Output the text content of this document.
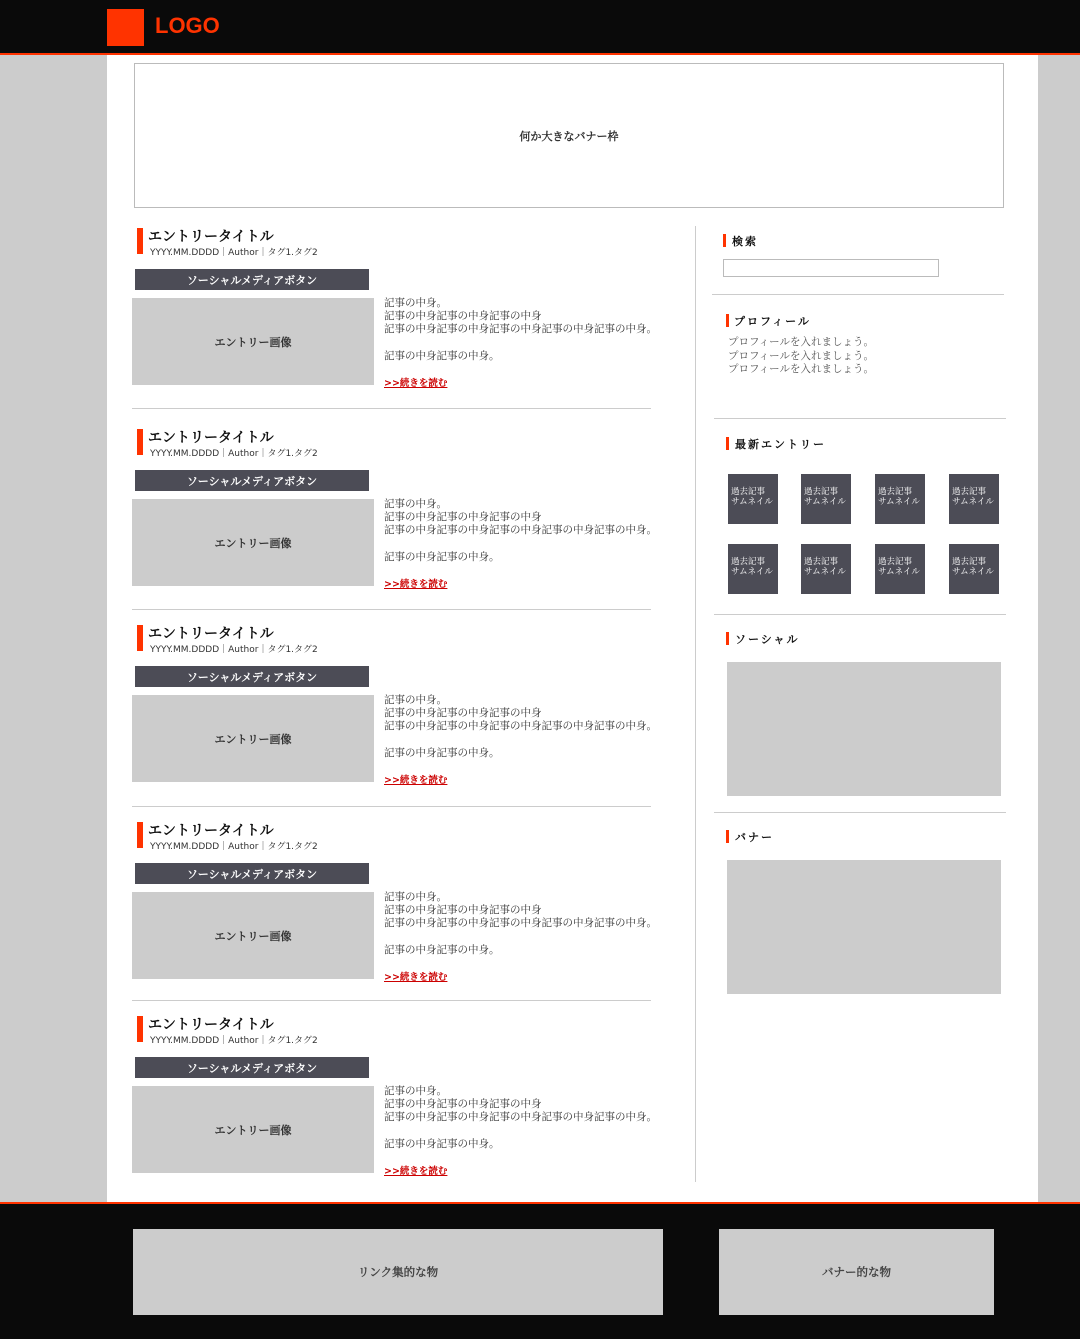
LOGO
何か大きなバナー枠
エントリータイトル
YYYY.MM.DDDD｜Author｜タグ1.タグ2
ソーシャルメディアボタン
エントリー画像
記事の中身。
記事の中身記事の中身記事の中身
記事の中身記事の中身記事の中身記事の中身記事の中身。
記事の中身記事の中身。
>>続きを読む
エントリータイトル
YYYY.MM.DDDD｜Author｜タグ1.タグ2
ソーシャルメディアボタン
エントリー画像
記事の中身。
記事の中身記事の中身記事の中身
記事の中身記事の中身記事の中身記事の中身記事の中身。
記事の中身記事の中身。
>>続きを読む
エントリータイトル
YYYY.MM.DDDD｜Author｜タグ1.タグ2
ソーシャルメディアボタン
エントリー画像
記事の中身。
記事の中身記事の中身記事の中身
記事の中身記事の中身記事の中身記事の中身記事の中身。
記事の中身記事の中身。
>>続きを読む
エントリータイトル
YYYY.MM.DDDD｜Author｜タグ1.タグ2
ソーシャルメディアボタン
エントリー画像
記事の中身。
記事の中身記事の中身記事の中身
記事の中身記事の中身記事の中身記事の中身記事の中身。
記事の中身記事の中身。
>>続きを読む
エントリータイトル
YYYY.MM.DDDD｜Author｜タグ1.タグ2
ソーシャルメディアボタン
エントリー画像
記事の中身。
記事の中身記事の中身記事の中身
記事の中身記事の中身記事の中身記事の中身記事の中身。
記事の中身記事の中身。
>>続きを読む
検索
プロフィール
プロフィールを入れましょう。
プロフィールを入れましょう。
プロフィールを入れましょう。
最新エントリー
過去記事
サムネイル
過去記事
サムネイル
過去記事
サムネイル
過去記事
サムネイル
過去記事
サムネイル
過去記事
サムネイル
過去記事
サムネイル
過去記事
サムネイル
ソーシャル
バナー
リンク集的な物	バナー的な物
